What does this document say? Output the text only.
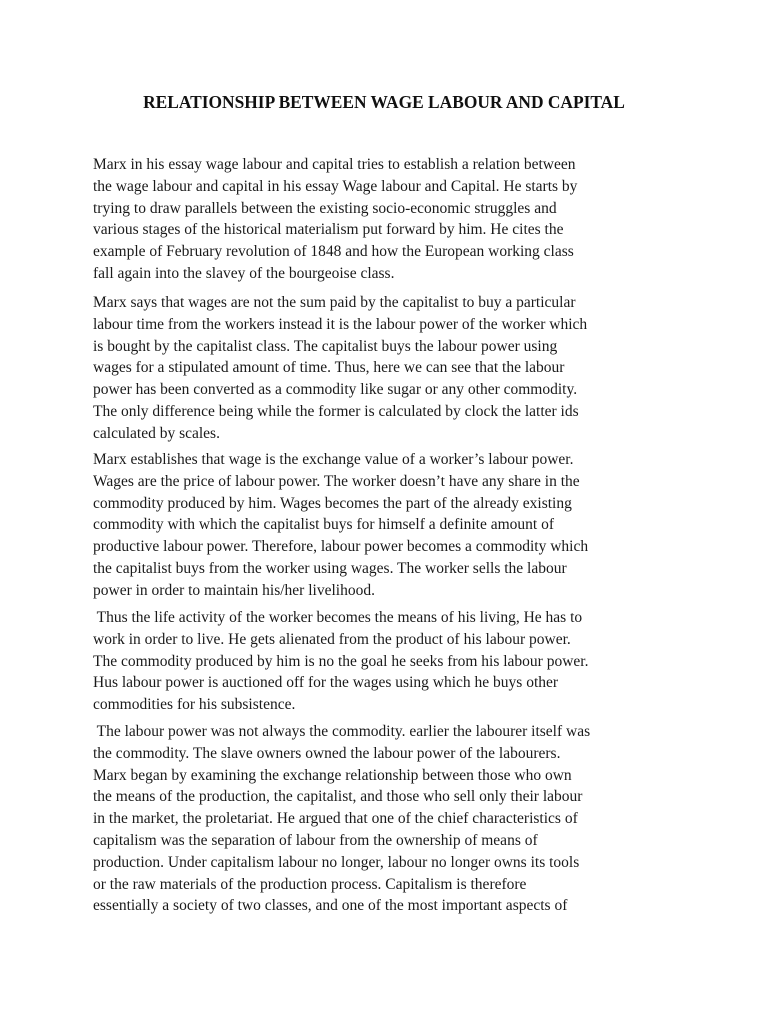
RELATIONSHIP BETWEEN WAGE LABOUR AND CAPITAL

Marx in his essay wage labour and capital tries to establish a relation between
the wage labour and capital in his essay Wage labour and Capital. He starts by
trying to draw parallels between the existing socio-economic struggles and
various stages of the historical materialism put forward by him. He cites the
example of February revolution of 1848 and how the European working class
fall again into the slavey of the bourgeoise class.

Marx says that wages are not the sum paid by the capitalist to buy a particular
labour time from the workers instead it is the labour power of the worker which
is bought by the capitalist class. The capitalist buys the labour power using
wages for a stipulated amount of time. Thus, here we can see that the labour
power has been converted as a commodity like sugar or any other commodity.
The only difference being while the former is calculated by clock the latter ids
calculated by scales.

Marx establishes that wage is the exchange value of a worker’s labour power.
Wages are the price of labour power. The worker doesn’t have any share in the
commodity produced by him. Wages becomes the part of the already existing
commodity with which the capitalist buys for himself a definite amount of
productive labour power. Therefore, labour power becomes a commodity which
the capitalist buys from the worker using wages. The worker sells the labour
power in order to maintain his/her livelihood.

Thus the life activity of the worker becomes the means of his living, He has to
work in order to live. He gets alienated from the product of his labour power.
The commodity produced by him is no the goal he seeks from his labour power.
Hus labour power is auctioned off for the wages using which he buys other
commodities for his subsistence.

The labour power was not always the commodity. earlier the labourer itself was
the commodity. The slave owners owned the labour power of the labourers.
Marx began by examining the exchange relationship between those who own
the means of the production, the capitalist, and those who sell only their labour
in the market, the proletariat. He argued that one of the chief characteristics of
capitalism was the separation of labour from the ownership of means of
production. Under capitalism labour no longer, labour no longer owns its tools
or the raw materials of the production process. Capitalism is therefore
essentially a society of two classes, and one of the most important aspects of
